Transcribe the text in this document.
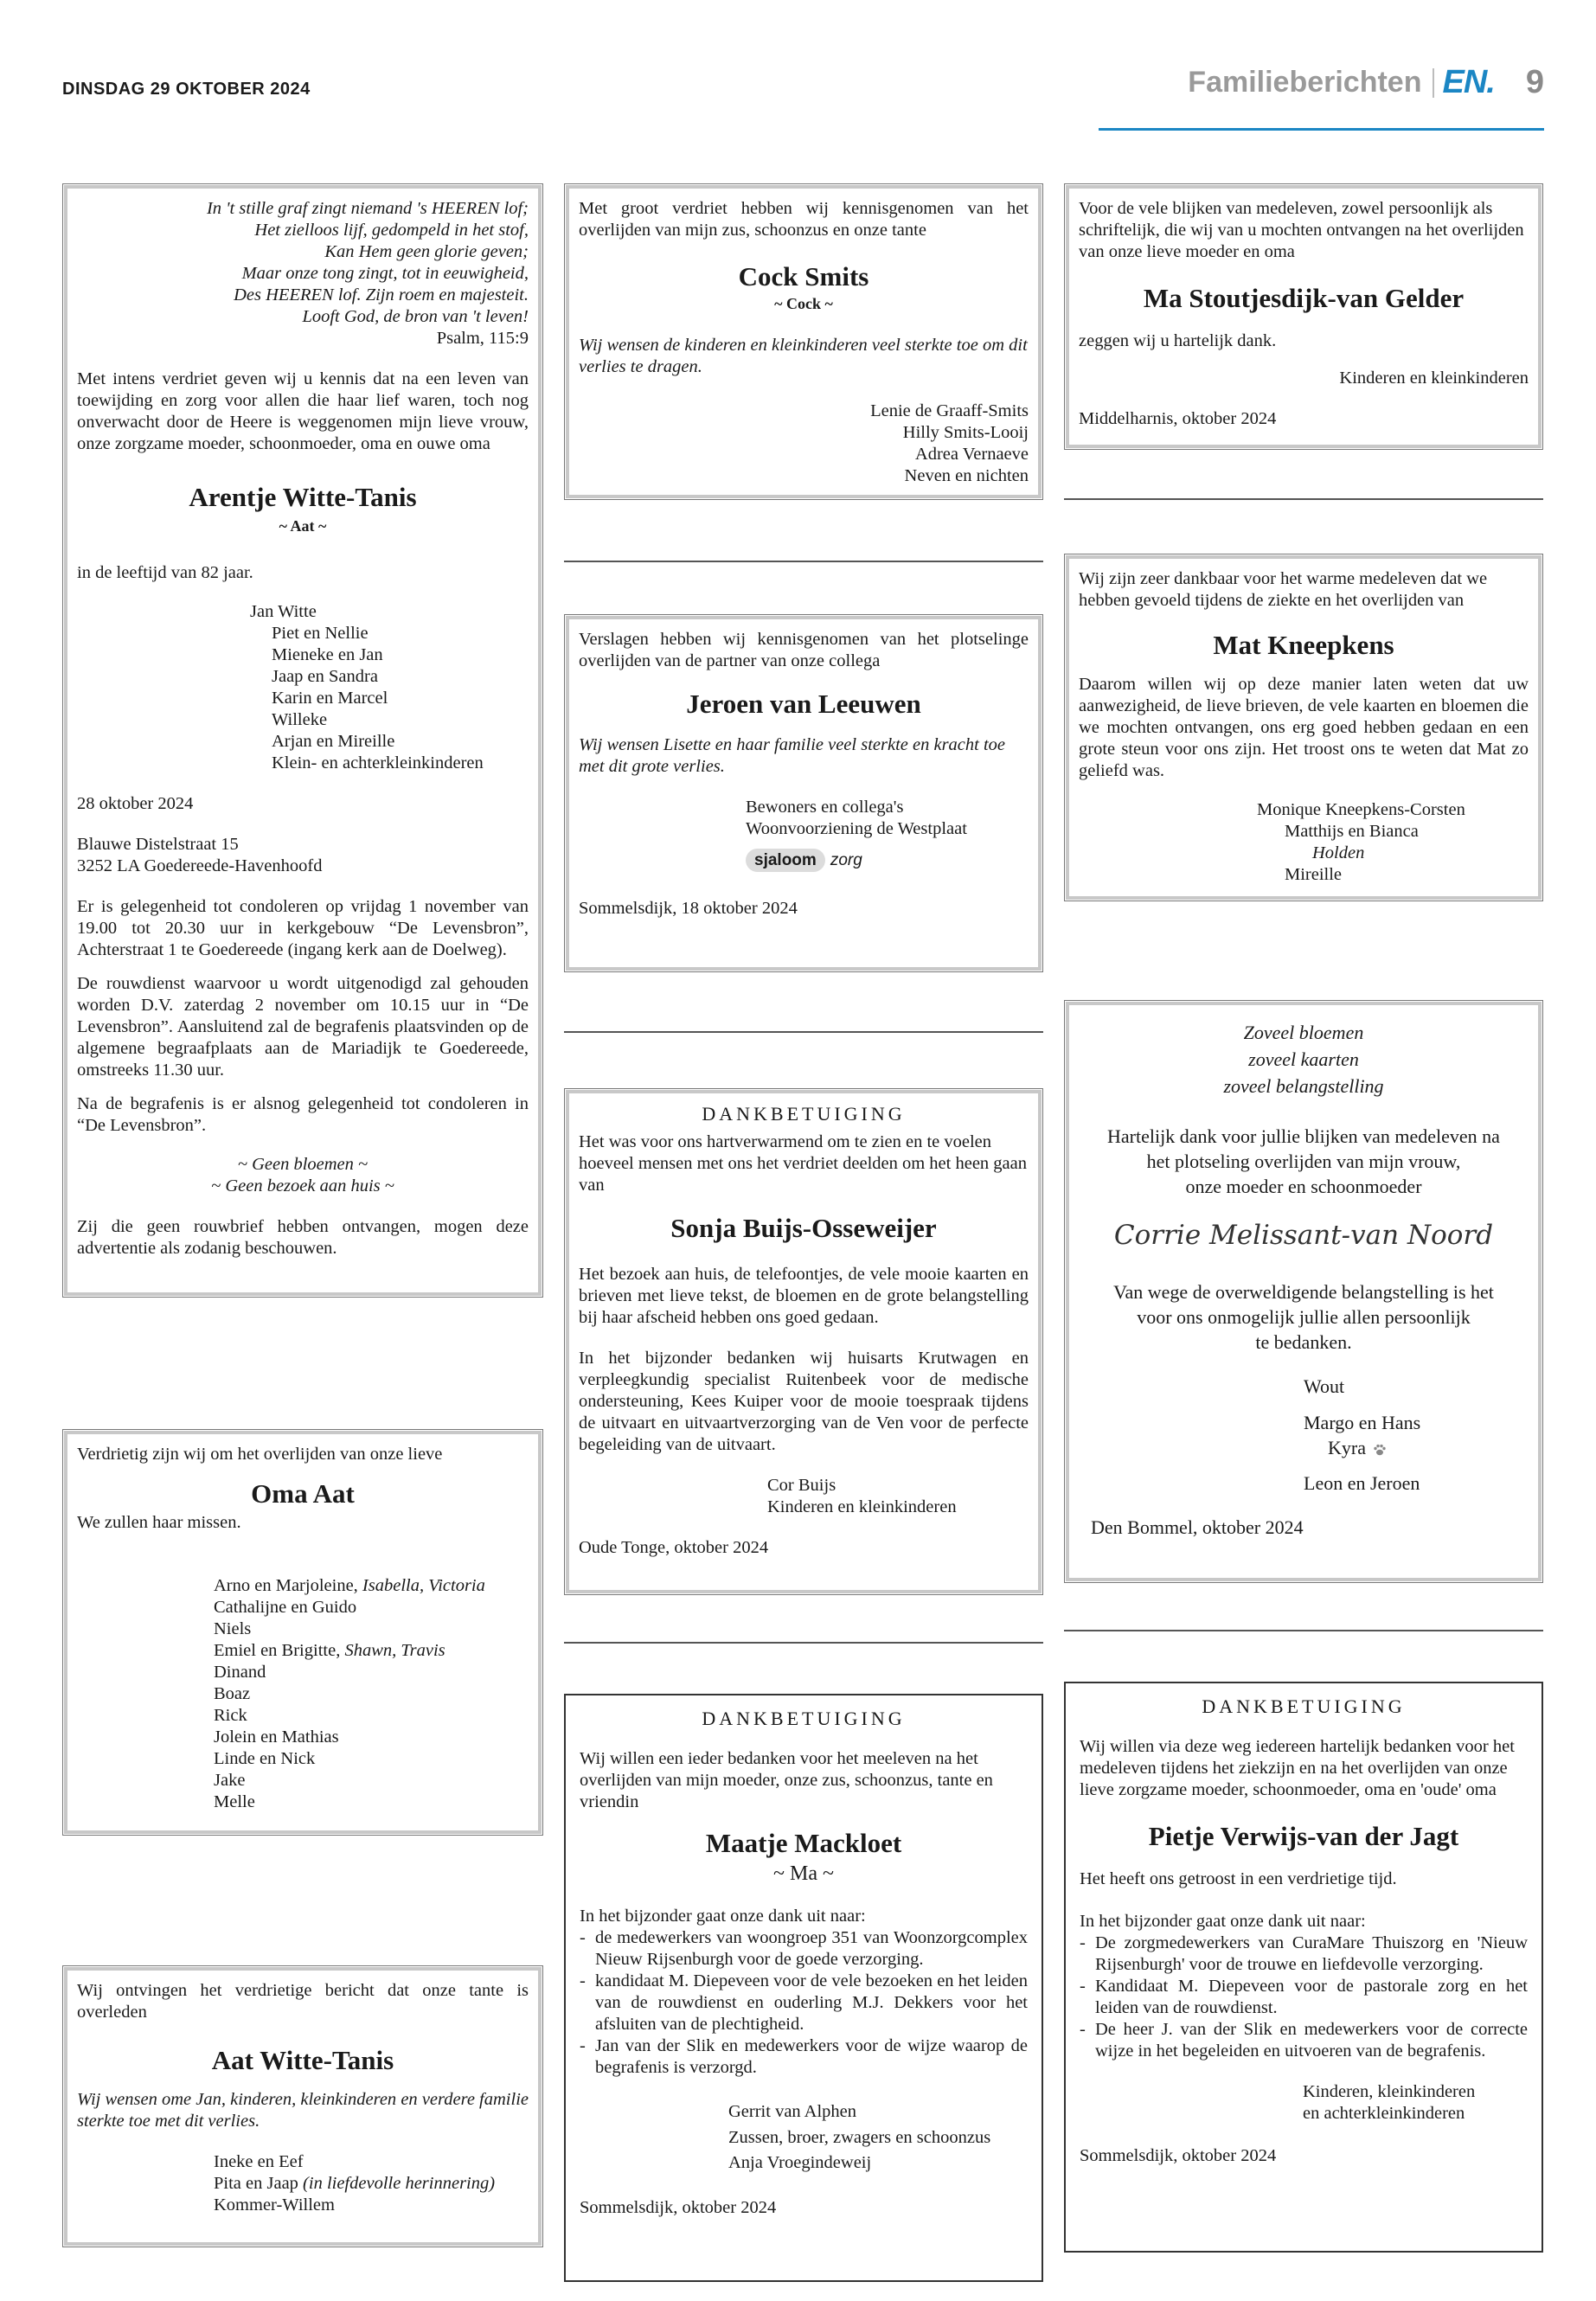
DINSDAG 29 OKTOBER 2024	Familieberichten EN. 9
In 't stille graf zingt niemand 's HEEREN lof;
Het zielloos lijf, gedompeld in het stof,
Kan Hem geen glorie geven;
Maar onze tong zingt, tot in eeuwigheid,
Des HEEREN lof. Zijn roem en majesteit.
Looft God, de bron van 't leven!
Psalm, 115:9
Met intens verdriet geven wij u kennis dat na een leven van toewijding en zorg voor allen die haar lief waren, toch nog onverwacht door de Heere is weggenomen mijn lieve vrouw, onze zorgzame moeder, schoonmoeder, oma en ouwe oma
Arentje Witte-Tanis
~ Aat ~
in de leeftijd van 82 jaar.
Jan Witte
Piet en Nellie
Mieneke en Jan
Jaap en Sandra
Karin en Marcel
Willeke
Arjan en Mireille
Klein- en achterkleinkinderen
28 oktober 2024
Blauwe Distelstraat 15
3252 LA Goedereede-Havenhoofd
Er is gelegenheid tot condoleren op vrijdag 1 november van 19.00 tot 20.30 uur in kerkgebouw “De Levensbron”, Achterstraat 1 te Goedereede (ingang kerk aan de Doelweg).
De rouwdienst waarvoor u wordt uitgenodigd zal gehouden worden D.V. zaterdag 2 november om 10.15 uur in “De Levensbron”. Aansluitend zal de begrafenis plaatsvinden op de algemene begraafplaats aan de Mariadijk te Goedereede, omstreeks 11.30 uur.
Na de begrafenis is er alsnog gelegenheid tot condoleren in “De Levensbron”.
~ Geen bloemen ~
~ Geen bezoek aan huis ~
Zij die geen rouwbrief hebben ontvangen, mogen deze advertentie als zodanig beschouwen.
Verdrietig zijn wij om het overlijden van onze lieve
Oma Aat
We zullen haar missen.
Arno en Marjoleine, Isabella, Victoria
Cathalijne en Guido
Niels
Emiel en Brigitte, Shawn, Travis
Dinand
Boaz
Rick
Jolein en Mathias
Linde en Nick
Jake
Melle
Wij ontvingen het verdrietige bericht dat onze tante is overleden
Aat Witte-Tanis
Wij wensen ome Jan, kinderen, kleinkinderen en verdere familie sterkte toe met dit verlies.
Ineke en Eef
Pita en Jaap (in liefdevolle herinnering)
Kommer-Willem
Met groot verdriet hebben wij kennisgenomen van het overlijden van mijn zus, schoonzus en onze tante
Cock Smits
~ Cock ~
Wij wensen de kinderen en kleinkinderen veel sterkte toe om dit verlies te dragen.
Lenie de Graaff-Smits
Hilly Smits-Looij
Adrea Vernaeve
Neven en nichten
Verslagen hebben wij kennisgenomen van het plotselinge overlijden van de partner van onze collega
Jeroen van Leeuwen
Wij wensen Lisette en haar familie veel sterkte en kracht toe met dit grote verlies.
Bewoners en collega's
Woonvoorziening de Westplaat
sjaloom zorg
Sommelsdijk, 18 oktober 2024
DANKBETUIGING
Het was voor ons hartverwarmend om te zien en te voelen hoeveel mensen met ons het verdriet deelden om het heen gaan van
Sonja Buijs-Osseweijer
Het bezoek aan huis, de telefoontjes, de vele mooie kaarten en brieven met lieve tekst, de bloemen en de grote belangstelling bij haar afscheid hebben ons goed gedaan.
In het bijzonder bedanken wij huisarts Krutwagen en verpleegkundig specialist Ruitenbeek voor de medische ondersteuning, Kees Kuiper voor de mooie toespraak tijdens de uitvaart en uitvaartverzorging van de Ven voor de perfecte begeleiding van de uitvaart.
Cor Buijs
Kinderen en kleinkinderen
Oude Tonge, oktober 2024
DANKBETUIGING
Wij willen een ieder bedanken voor het meeleven na het overlijden van mijn moeder, onze zus, schoonzus, tante en vriendin
Maatje Mackloet
~ Ma ~
In het bijzonder gaat onze dank uit naar:
- de medewerkers van woongroep 351 van Woonzorgcomplex Nieuw Rijsenburgh voor de goede verzorging.
- kandidaat M. Diepeveen voor de vele bezoeken en het leiden van de rouwdienst en ouderling M.J. Dekkers voor het afsluiten van de plechtigheid.
- Jan van der Slik en medewerkers voor de wijze waarop de begrafenis is verzorgd.
Gerrit van Alphen
Zussen, broer, zwagers en schoonzus
Anja Vroegindeweij
Sommelsdijk, oktober 2024
Voor de vele blijken van medeleven, zowel persoonlijk als schriftelijk, die wij van u mochten ontvangen na het overlijden van onze lieve moeder en oma
Ma Stoutjesdijk-van Gelder
zeggen wij u hartelijk dank.
Kinderen en kleinkinderen
Middelharnis, oktober 2024
Wij zijn zeer dankbaar voor het warme medeleven dat we hebben gevoeld tijdens de ziekte en het overlijden van
Mat Kneepkens
Daarom willen wij op deze manier laten weten dat uw aanwezigheid, de lieve brieven, de vele kaarten en bloemen die we mochten ontvangen, ons erg goed hebben gedaan en een grote steun voor ons zijn. Het troost ons te weten dat Mat zo geliefd was.
Monique Kneepkens-Corsten
Matthijs en Bianca
Holden
Mireille
Zoveel bloemen
zoveel kaarten
zoveel belangstelling
Hartelijk dank voor jullie blijken van medeleven na
het plotseling overlijden van mijn vrouw,
onze moeder en schoonmoeder
Corrie Melissant-van Noord
Van wege de overweldigende belangstelling is het
voor ons onmogelijk jullie allen persoonlijk
te bedanken.
Wout
Margo en Hans
Kyra
Leon en Jeroen
Den Bommel, oktober 2024
DANKBETUIGING
Wij willen via deze weg iedereen hartelijk bedanken voor het medeleven tijdens het ziekzijn en na het overlijden van onze lieve zorgzame moeder, schoonmoeder, oma en 'oude' oma
Pietje Verwijs-van der Jagt
Het heeft ons getroost in een verdrietige tijd.
In het bijzonder gaat onze dank uit naar:
- De zorgmedewerkers van CuraMare Thuiszorg en 'Nieuw Rijsenburgh' voor de trouwe en liefdevolle verzorging.
- Kandidaat M. Diepeveen voor de pastorale zorg en het leiden van de rouwdienst.
- De heer J. van der Slik en medewerkers voor de correcte wijze in het begeleiden en uitvoeren van de begrafenis.
Kinderen, kleinkinderen
en achterkleinkinderen
Sommelsdijk, oktober 2024
